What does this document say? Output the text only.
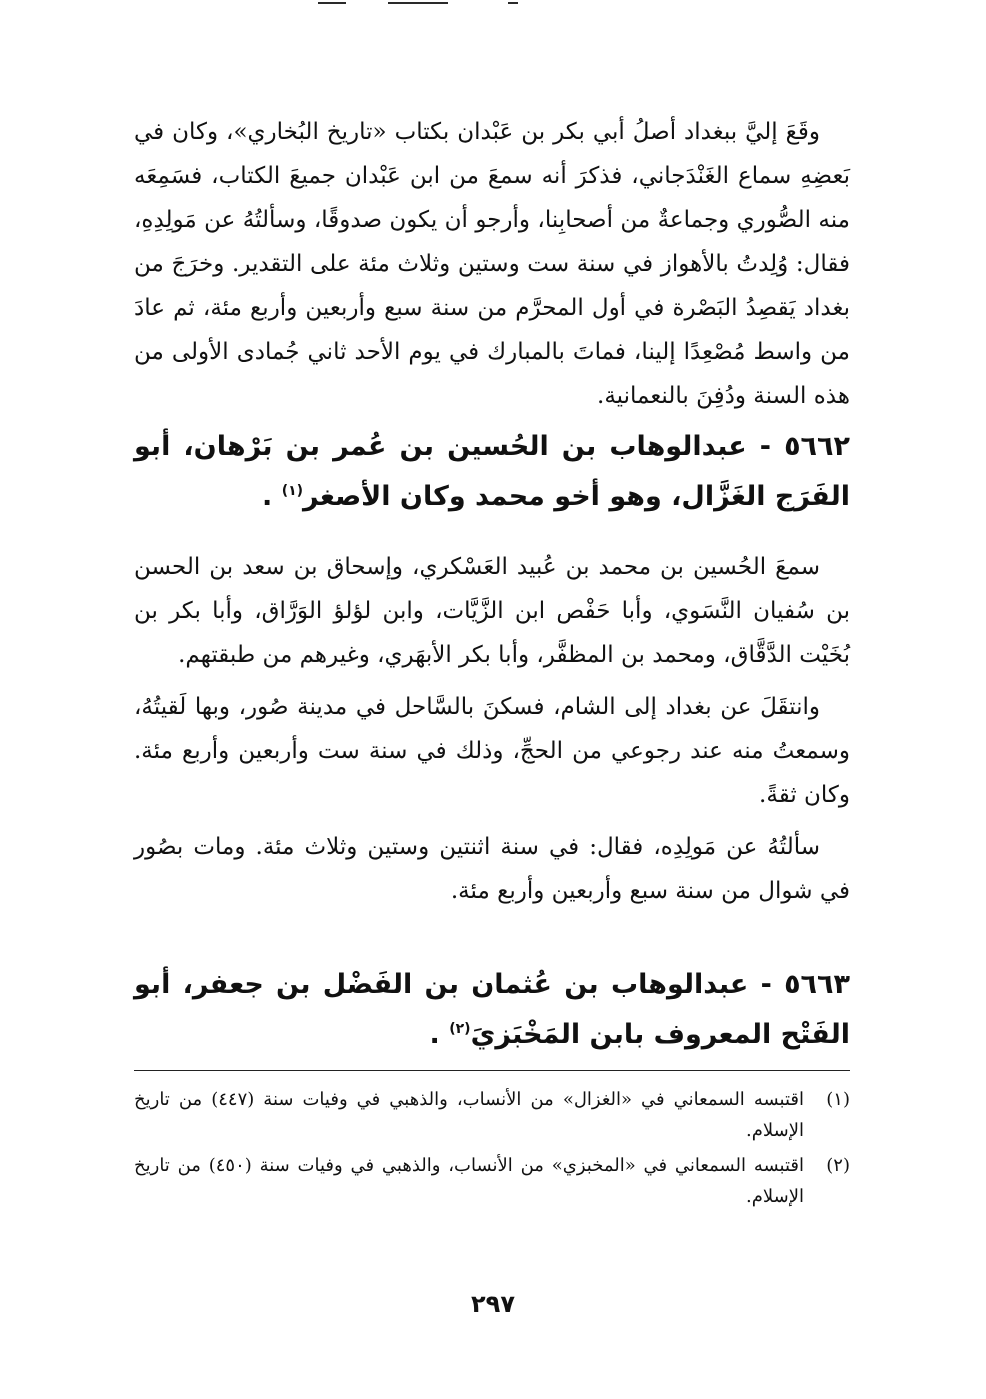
وقَعَ إليَّ ببغداد أصلُ أبي بكر بن عَبْدان بكتاب «تاريخ البُخاري»، وكان في بَعضِهِ سماع الغَنْدَجاني، فذكرَ أنه سمعَ من ابن عَبْدان جميعَ الكتاب، فسَمِعَه منه الصُّوري وجماعةٌ من أصحابِنا، وأرجو أن يكون صدوقًا، وسألتُهُ عن مَولِدِهِ، فقال: وُلِدتُ بالأهواز في سنة ست وستين وثلاث مئة على التقدير. وخرَجَ من بغداد يَقصِدُ البَصْرة في أول المحرَّم من سنة سبع وأربعين وأربع مئة، ثم عادَ من واسط مُصْعِدًا إلينا، فماتَ بالمبارك في يوم الأحد ثاني جُمادى الأولى من هذه السنة ودُفِنَ بالنعمانية.

٥٦٦٢ - عبدالوهاب بن الحُسين بن عُمر بن بَرْهان، أبو الفَرَج الغَزَّال، وهو أخو محمد وكان الأصغر$^{(١)}$ .

سمعَ الحُسين بن محمد بن عُبيد العَسْكري، وإسحاق بن سعد بن الحسن بن سُفيان النَّسَوي، وأبا حَفْص ابن الزَّيَّات، وابن لؤلؤ الوَرَّاق، وأبا بكر بن بُخَيْت الدَّقَّاق، ومحمد بن المظفَّر، وأبا بكر الأبهَري، وغيرهم من طبقتهم.

وانتقَلَ عن بغداد إلى الشام، فسكنَ بالسَّاحل في مدينة صُور، وبها لَقيتُهُ، وسمعتُ منه عند رجوعي من الحجِّ، وذلك في سنة ست وأربعين وأربع مئة. وكان ثقةً.

سألتُهُ عن مَولِدِه، فقال: في سنة اثنتين وستين وثلاث مئة. ومات بصُور في شوال من سنة سبع وأربعين وأربع مئة.

٥٦٦٣ - عبدالوهاب بن عُثمان بن الفَضْل بن جعفر، أبو الفَتْح المعروف بابن المَخْبَزيَ$^{(٢)}$ .

(١)
اقتبسه السمعاني في «الغزال» من الأنساب، والذهبي في وفيات سنة (٤٤٧) من تاريخ الإسلام.
(٢)
اقتبسه السمعاني في «المخبزي» من الأنساب، والذهبي في وفيات سنة (٤٥٠) من تاريخ الإسلام.
٢٩٧
